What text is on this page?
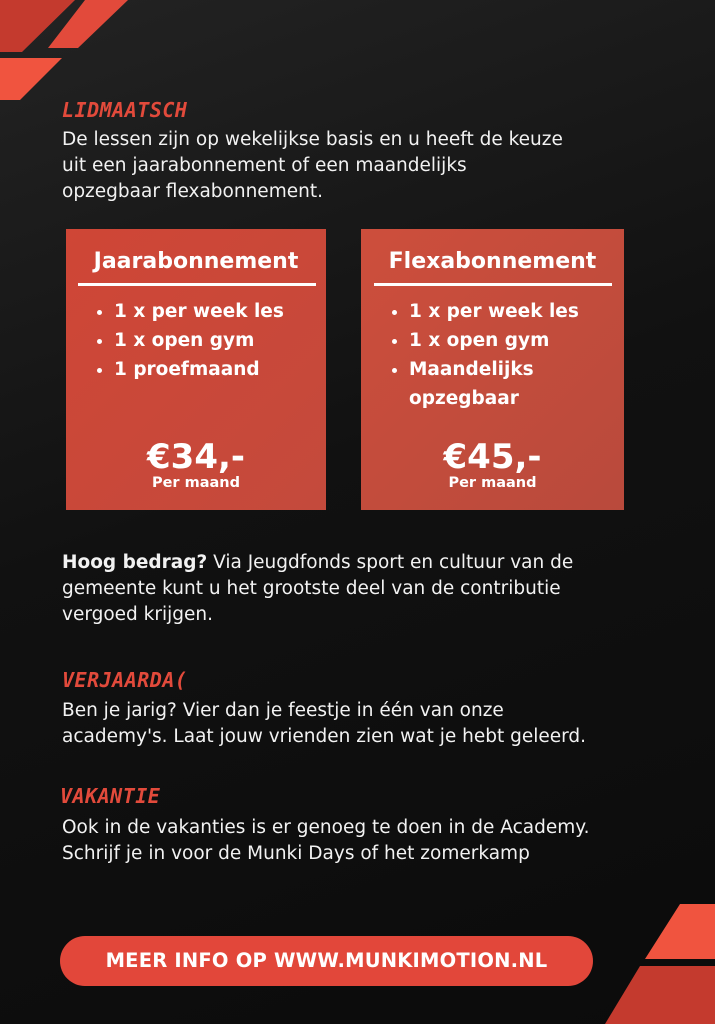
LIDMAATSCH

De lessen zijn op wekelijkse basis en u heeft de keuze
uit een jaarabonnement of een maandelijks
opzegbaar flexabonnement.

Jaarabonnement
• 1 x per week les
• 1 x open gym
• 1 proefmaand
€34,-
Per maand
Flexabonnement
• 1 x per week les
• 1 x open gym
• Maandelijks opzegbaar
€45,-
Per maand

Hoog bedrag? Via Jeugdfonds sport en cultuur van de
gemeente kunt u het grootste deel van de contributie
vergoed krijgen.

VERJAARDA(

Ben je jarig? Vier dan je feestje in één van onze
academy's. Laat jouw vrienden zien wat je hebt geleerd.

VAKANTIE

Ook in de vakanties is er genoeg te doen in de Academy.
Schrijf je in voor de Munki Days of het zomerkamp

MEER INFO OP WWW.MUNKIMOTION.NL
